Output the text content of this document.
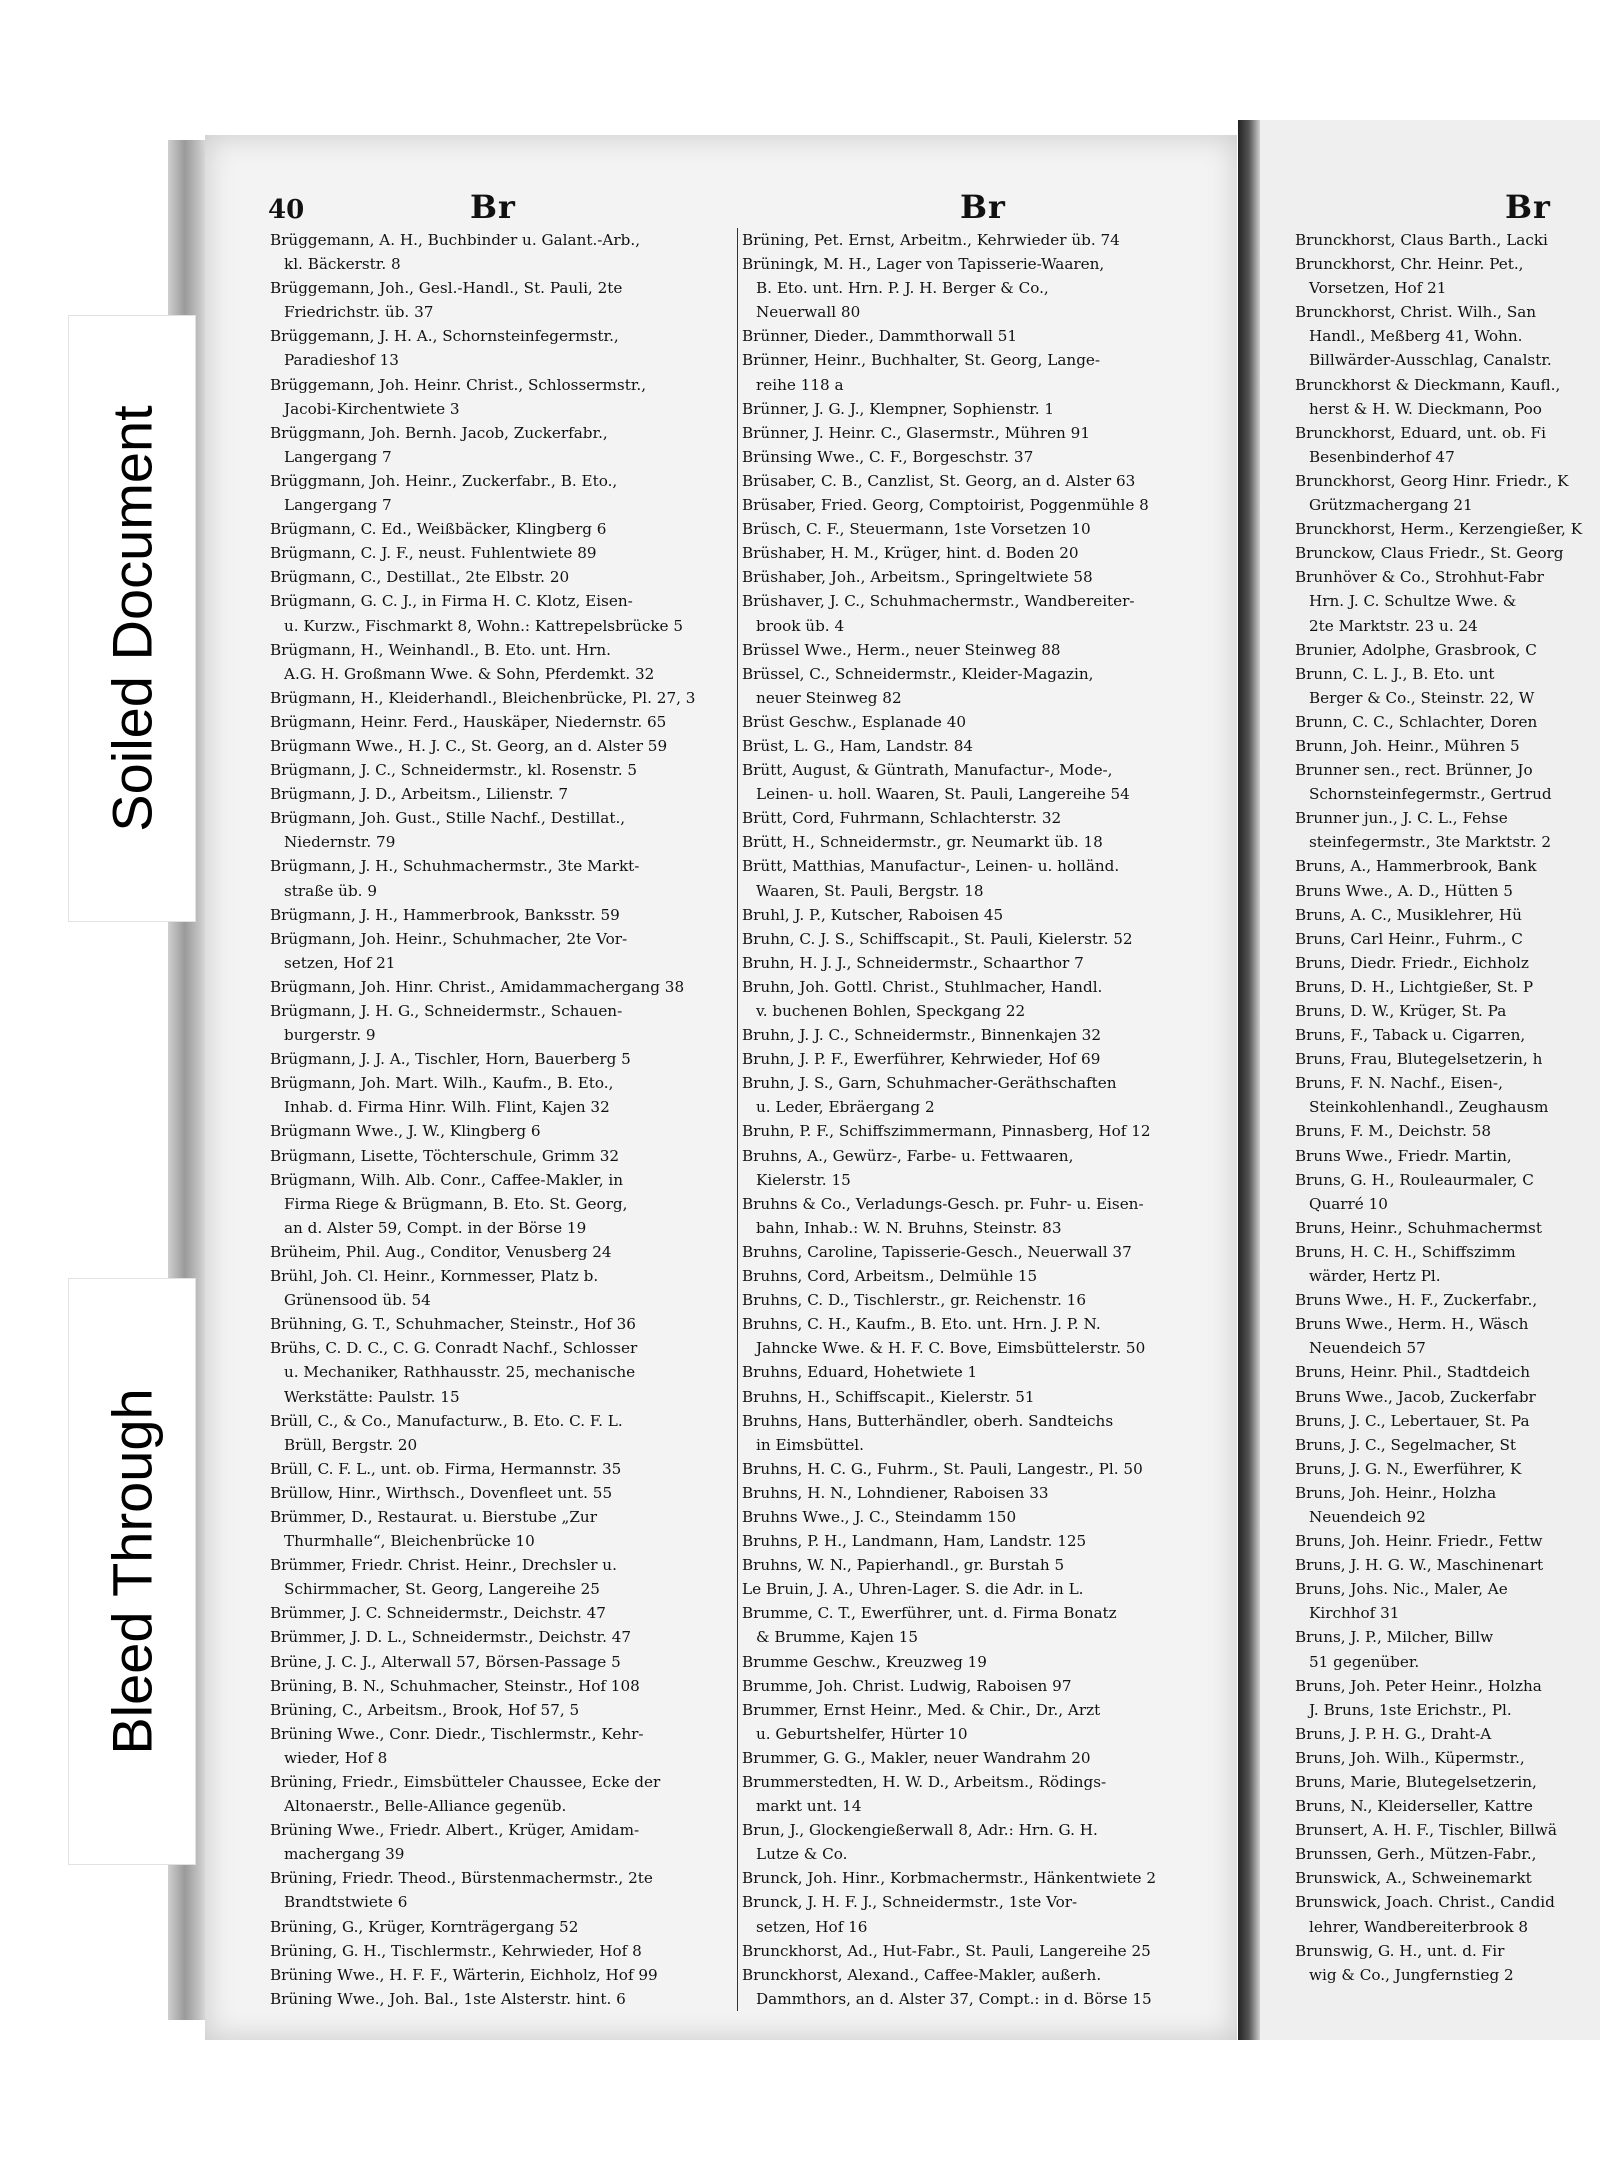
40	Br	Br	Br
Brüggemann, A. H., Buchbinder u. Galant.-Arb.,
kl. Bäckerstr. 8
Brüggemann, Joh., Gesl.-Handl., St. Pauli, 2te
Friedrichstr. üb. 37
Brüggemann, J. H. A., Schornsteinfegermstr.,
Paradieshof 13
Brüggemann, Joh. Heinr. Christ., Schlossermstr.,
Jacobi-Kirchentwiete 3
Brüggmann, Joh. Bernh. Jacob, Zuckerfabr.,
Langergang 7
Brüggmann, Joh. Heinr., Zuckerfabr., B. Eto.,
Langergang 7
Brügmann, C. Ed., Weißbäcker, Klingberg 6
Brügmann, C. J. F., neust. Fuhlentwiete 89
Brügmann, C., Destillat., 2te Elbstr. 20
Brügmann, G. C. J., in Firma H. C. Klotz, Eisen-
u. Kurzw., Fischmarkt 8, Wohn.: Kattrepelsbrücke 5
Brügmann, H., Weinhandl., B. Eto. unt. Hrn.
A.G. H. Großmann Wwe. & Sohn, Pferdemkt. 32
Brügmann, H., Kleiderhandl., Bleichenbrücke, Pl. 27, 3
Brügmann, Heinr. Ferd., Hauskäper, Niedernstr. 65
Brügmann Wwe., H. J. C., St. Georg, an d. Alster 59
Brügmann, J. C., Schneidermstr., kl. Rosenstr. 5
Brügmann, J. D., Arbeitsm., Lilienstr. 7
Brügmann, Joh. Gust., Stille Nachf., Destillat.,
Niedernstr. 79
Brügmann, J. H., Schuhmachermstr., 3te Markt-
straße üb. 9
Brügmann, J. H., Hammerbrook, Banksstr. 59
Brügmann, Joh. Heinr., Schuhmacher, 2te Vor-
setzen, Hof 21
Brügmann, Joh. Hinr. Christ., Amidammachergang 38
Brügmann, J. H. G., Schneidermstr., Schauen-
burgerstr. 9
Brügmann, J. J. A., Tischler, Horn, Bauerberg 5
Brügmann, Joh. Mart. Wilh., Kaufm., B. Eto.,
Inhab. d. Firma Hinr. Wilh. Flint, Kajen 32
Brügmann Wwe., J. W., Klingberg 6
Brügmann, Lisette, Töchterschule, Grimm 32
Brügmann, Wilh. Alb. Conr., Caffee-Makler, in
Firma Riege & Brügmann, B. Eto. St. Georg,
an d. Alster 59, Compt. in der Börse 19
Brüheim, Phil. Aug., Conditor, Venusberg 24
Brühl, Joh. Cl. Heinr., Kornmesser, Platz b.
Grünensood üb. 54
Brühning, G. T., Schuhmacher, Steinstr., Hof 36
Brühs, C. D. C., C. G. Conradt Nachf., Schlosser
u. Mechaniker, Rathhausstr. 25, mechanische
Werkstätte: Paulstr. 15
Brüll, C., & Co., Manufacturw., B. Eto. C. F. L.
Brüll, Bergstr. 20
Brüll, C. F. L., unt. ob. Firma, Hermannstr. 35
Brüllow, Hinr., Wirthsch., Dovenfleet unt. 55
Brümmer, D., Restaurat. u. Bierstube „Zur
Thurmhalle“, Bleichenbrücke 10
Brümmer, Friedr. Christ. Heinr., Drechsler u.
Schirmmacher, St. Georg, Langereihe 25
Brümmer, J. C. Schneidermstr., Deichstr. 47
Brümmer, J. D. L., Schneidermstr., Deichstr. 47
Brüne, J. C. J., Alterwall 57, Börsen-Passage 5
Brüning, B. N., Schuhmacher, Steinstr., Hof 108
Brüning, C., Arbeitsm., Brook, Hof 57, 5
Brüning Wwe., Conr. Diedr., Tischlermstr., Kehr-
wieder, Hof 8
Brüning, Friedr., Eimsbütteler Chaussee, Ecke der
Altonaerstr., Belle-Alliance gegenüb.
Brüning Wwe., Friedr. Albert., Krüger, Amidam-
machergang 39
Brüning, Friedr. Theod., Bürstenmachermstr., 2te
Brandtstwiete 6
Brüning, G., Krüger, Kornträgergang 52
Brüning, G. H., Tischlermstr., Kehrwieder, Hof 8
Brüning Wwe., H. F. F., Wärterin, Eichholz, Hof 99
Brüning Wwe., Joh. Bal., 1ste Alsterstr. hint. 6
Brüning, Pet. Ernst, Arbeitm., Kehrwieder üb. 74
Brüningk, M. H., Lager von Tapisserie-Waaren,
B. Eto. unt. Hrn. P. J. H. Berger & Co.,
Neuerwall 80
Brünner, Dieder., Dammthorwall 51
Brünner, Heinr., Buchhalter, St. Georg, Lange-
reihe 118 a
Brünner, J. G. J., Klempner, Sophienstr. 1
Brünner, J. Heinr. C., Glasermstr., Mühren 91
Brünsing Wwe., C. F., Borgeschstr. 37
Brüsaber, C. B., Canzlist, St. Georg, an d. Alster 63
Brüsaber, Fried. Georg, Comptoirist, Poggenmühle 8
Brüsch, C. F., Steuermann, 1ste Vorsetzen 10
Brüshaber, H. M., Krüger, hint. d. Boden 20
Brüshaber, Joh., Arbeitsm., Springeltwiete 58
Brüshaver, J. C., Schuhmachermstr., Wandbereiter-
brook üb. 4
Brüssel Wwe., Herm., neuer Steinweg 88
Brüssel, C., Schneidermstr., Kleider-Magazin,
neuer Steinweg 82
Brüst Geschw., Esplanade 40
Brüst, L. G., Ham, Landstr. 84
Brütt, August, & Güntrath, Manufactur-, Mode-,
Leinen- u. holl. Waaren, St. Pauli, Langereihe 54
Brütt, Cord, Fuhrmann, Schlachterstr. 32
Brütt, H., Schneidermstr., gr. Neumarkt üb. 18
Brütt, Matthias, Manufactur-, Leinen- u. holländ.
Waaren, St. Pauli, Bergstr. 18
Bruhl, J. P., Kutscher, Raboisen 45
Bruhn, C. J. S., Schiffscapit., St. Pauli, Kielerstr. 52
Bruhn, H. J. J., Schneidermstr., Schaarthor 7
Bruhn, Joh. Gottl. Christ., Stuhlmacher, Handl.
v. buchenen Bohlen, Speckgang 22
Bruhn, J. J. C., Schneidermstr., Binnenkajen 32
Bruhn, J. P. F., Ewerführer, Kehrwieder, Hof 69
Bruhn, J. S., Garn, Schuhmacher-Geräthschaften
u. Leder, Ebräergang 2
Bruhn, P. F., Schiffszimmermann, Pinnasberg, Hof 12
Bruhns, A., Gewürz-, Farbe- u. Fettwaaren,
Kielerstr. 15
Bruhns & Co., Verladungs-Gesch. pr. Fuhr- u. Eisen-
bahn, Inhab.: W. N. Bruhns, Steinstr. 83
Bruhns, Caroline, Tapisserie-Gesch., Neuerwall 37
Bruhns, Cord, Arbeitsm., Delmühle 15
Bruhns, C. D., Tischlerstr., gr. Reichenstr. 16
Bruhns, C. H., Kaufm., B. Eto. unt. Hrn. J. P. N.
Jahncke Wwe. & H. F. C. Bove, Eimsbüttelerstr. 50
Bruhns, Eduard, Hohetwiete 1
Bruhns, H., Schiffscapit., Kielerstr. 51
Bruhns, Hans, Butterhändler, oberh. Sandteichs
in Eimsbüttel.
Bruhns, H. C. G., Fuhrm., St. Pauli, Langestr., Pl. 50
Bruhns, H. N., Lohndiener, Raboisen 33
Bruhns Wwe., J. C., Steindamm 150
Bruhns, P. H., Landmann, Ham, Landstr. 125
Bruhns, W. N., Papierhandl., gr. Burstah 5
Le Bruin, J. A., Uhren-Lager. S. die Adr. in L.
Brumme, C. T., Ewerführer, unt. d. Firma Bonatz
& Brumme, Kajen 15
Brumme Geschw., Kreuzweg 19
Brumme, Joh. Christ. Ludwig, Raboisen 97
Brummer, Ernst Heinr., Med. & Chir., Dr., Arzt
u. Geburtshelfer, Hürter 10
Brummer, G. G., Makler, neuer Wandrahm 20
Brummerstedten, H. W. D., Arbeitsm., Rödings-
markt unt. 14
Brun, J., Glockengießerwall 8, Adr.: Hrn. G. H.
Lutze & Co.
Brunck, Joh. Hinr., Korbmachermstr., Hänkentwiete 2
Brunck, J. H. F. J., Schneidermstr., 1ste Vor-
setzen, Hof 16
Brunckhorst, Ad., Hut-Fabr., St. Pauli, Langereihe 25
Brunckhorst, Alexand., Caffee-Makler, außerh.
Dammthors, an d. Alster 37, Compt.: in d. Börse 15
Brunckhorst, Claus Barth., Lacki
Brunckhorst, Chr. Heinr. Pet.,
Vorsetzen, Hof 21
Brunckhorst, Christ. Wilh., San
Handl., Meßberg 41, Wohn.
Billwärder-Ausschlag, Canalstr.
Brunckhorst & Dieckmann, Kaufl.,
herst & H. W. Dieckmann, Poo
Brunckhorst, Eduard, unt. ob. Fi
Besenbinderhof 47
Brunckhorst, Georg Hinr. Friedr., K
Grützmachergang 21
Brunckhorst, Herm., Kerzengießer, K
Brunckow, Claus Friedr., St. Georg
Brunhöver & Co., Strohhut-Fabr
Hrn. J. C. Schultze Wwe. &
2te Marktstr. 23 u. 24
Brunier, Adolphe, Grasbrook, C
Brunn, C. L. J., B. Eto. unt
Berger & Co., Steinstr. 22, W
Brunn, C. C., Schlachter, Doren
Brunn, Joh. Heinr., Mühren 5
Brunner sen., rect. Brünner, Jo
Schornsteinfegermstr., Gertrud
Brunner jun., J. C. L., Fehse
steinfegermstr., 3te Marktstr. 2
Bruns, A., Hammerbrook, Bank
Bruns Wwe., A. D., Hütten 5
Bruns, A. C., Musiklehrer, Hü
Bruns, Carl Heinr., Fuhrm., C
Bruns, Diedr. Friedr., Eichholz
Bruns, D. H., Lichtgießer, St. P
Bruns, D. W., Krüger, St. Pa
Bruns, F., Taback u. Cigarren,
Bruns, Frau, Blutegelsetzerin, h
Bruns, F. N. Nachf., Eisen-,
Steinkohlenhandl., Zeughausm
Bruns, F. M., Deichstr. 58
Bruns Wwe., Friedr. Martin,
Bruns, G. H., Rouleaurmaler, C
Quarré 10
Bruns, Heinr., Schuhmachermst
Bruns, H. C. H., Schiffszimm
wärder, Hertz Pl.
Bruns Wwe., H. F., Zuckerfabr.,
Bruns Wwe., Herm. H., Wäsch
Neuendeich 57
Bruns, Heinr. Phil., Stadtdeich
Bruns Wwe., Jacob, Zuckerfabr
Bruns, J. C., Lebertauer, St. Pa
Bruns, J. C., Segelmacher, St
Bruns, J. G. N., Ewerführer, K
Bruns, Joh. Heinr., Holzha
Neuendeich 92
Bruns, Joh. Heinr. Friedr., Fettw
Bruns, J. H. G. W., Maschinenart
Bruns, Johs. Nic., Maler, Ae
Kirchhof 31
Bruns, J. P., Milcher, Billw
51 gegenüber.
Bruns, Joh. Peter Heinr., Holzha
J. Bruns, 1ste Erichstr., Pl.
Bruns, J. P. H. G., Draht-A
Bruns, Joh. Wilh., Küpermstr.,
Bruns, Marie, Blutegelsetzerin,
Bruns, N., Kleiderseller, Kattre
Brunsert, A. H. F., Tischler, Billwä
Brunssen, Gerh., Mützen-Fabr.,
Brunswick, A., Schweinemarkt
Brunswick, Joach. Christ., Candid
lehrer, Wandbereiterbrook 8
Brunswig, G. H., unt. d. Fir
wig & Co., Jungfernstieg 2
Soiled Document
Bleed Through
